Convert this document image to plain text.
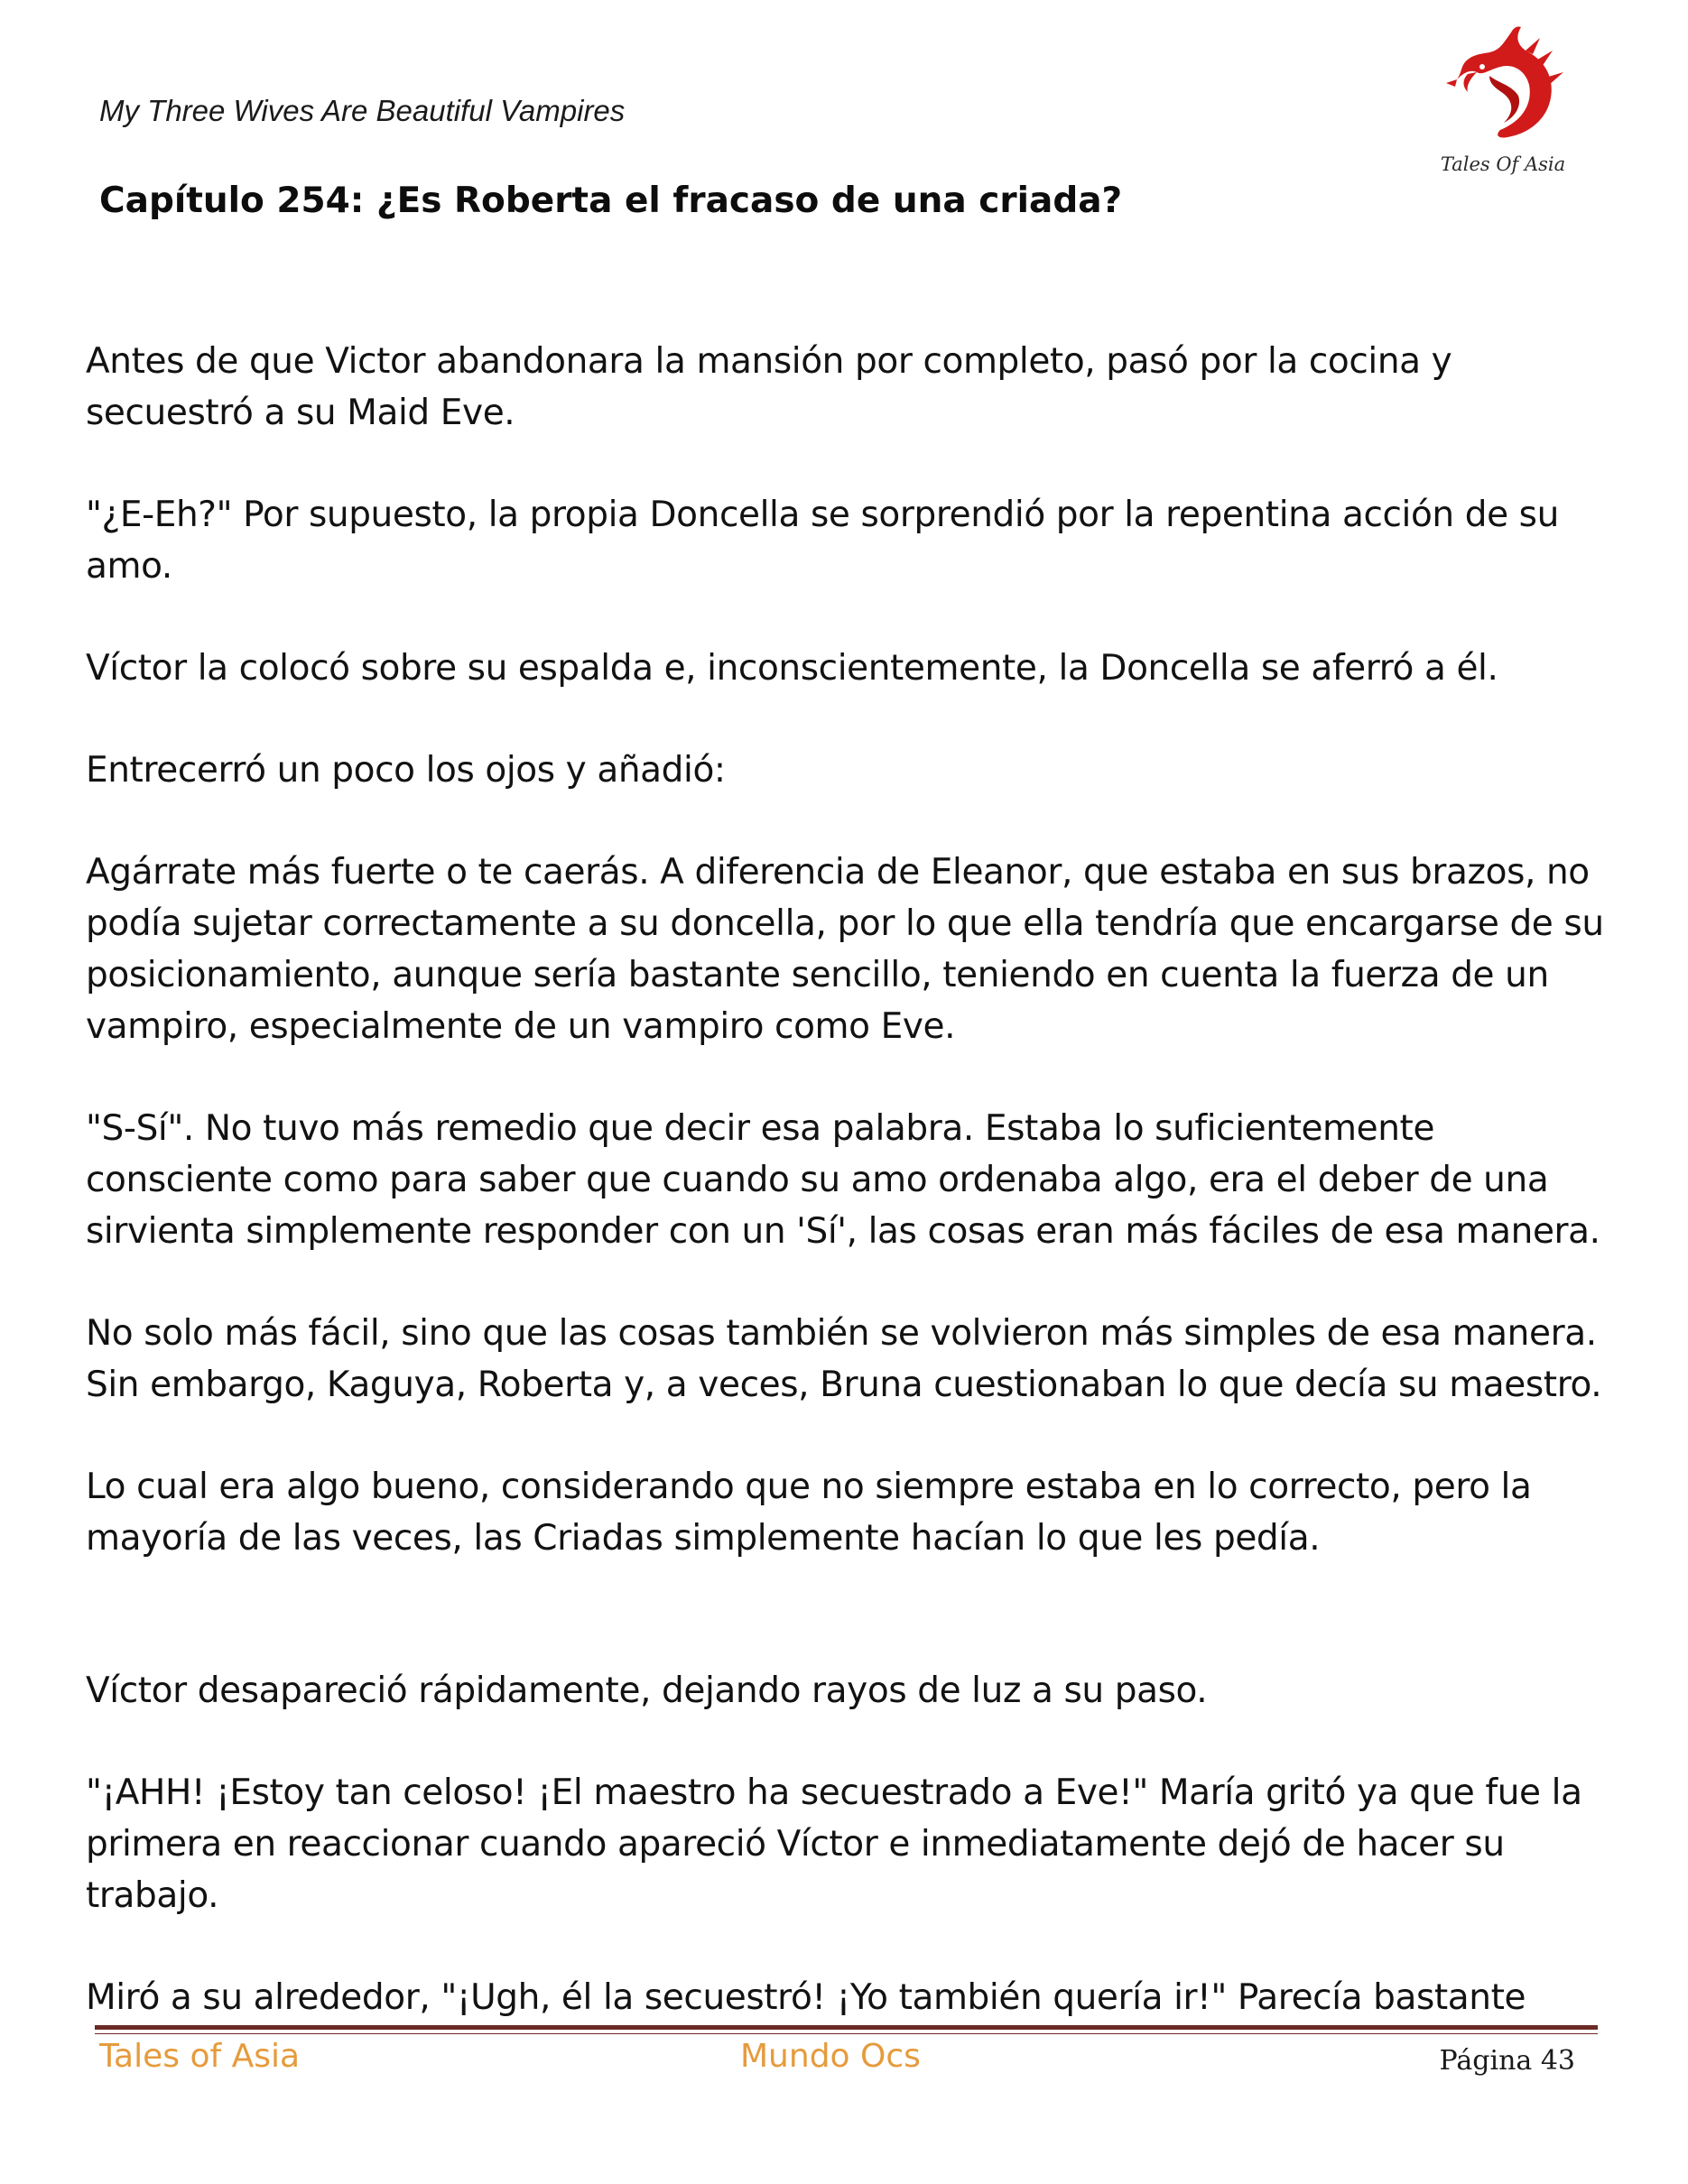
My Three Wives Are Beautiful Vampires
Tales Of Asia
Capítulo 254: ¿Es Roberta el fracaso de una criada?

Antes de que Victor abandonara la mansión por completo, pasó por la cocina y secuestró a su Maid Eve.

"¿E-Eh?" Por supuesto, la propia Doncella se sorprendió por la repentina acción de su amo.

Víctor la colocó sobre su espalda e, inconscientemente, la Doncella se aferró a él.

Entrecerró un poco los ojos y añadió:

Agárrate más fuerte o te caerás. A diferencia de Eleanor, que estaba en sus brazos, no podía sujetar correctamente a su doncella, por lo que ella tendría que encargarse de su posicionamiento, aunque sería bastante sencillo, teniendo en cuenta la fuerza de un vampiro, especialmente de un vampiro como Eve.

"S-Sí". No tuvo más remedio que decir esa palabra. Estaba lo suficientemente consciente como para saber que cuando su amo ordenaba algo, era el deber de una sirvienta simplemente responder con un 'Sí', las cosas eran más fáciles de esa manera.

No solo más fácil, sino que las cosas también se volvieron más simples de esa manera. Sin embargo, Kaguya, Roberta y, a veces, Bruna cuestionaban lo que decía su maestro.

Lo cual era algo bueno, considerando que no siempre estaba en lo correcto, pero la mayoría de las veces, las Criadas simplemente hacían lo que les pedía.

Víctor desapareció rápidamente, dejando rayos de luz a su paso.

"¡AHH! ¡Estoy tan celoso! ¡El maestro ha secuestrado a Eve!" María gritó ya que fue la primera en reaccionar cuando apareció Víctor e inmediatamente dejó de hacer su trabajo.

Miró a su alrededor, "¡Ugh, él la secuestró! ¡Yo también quería ir!" Parecía bastante

Tales of Asia	Mundo Ocs	Página 43
